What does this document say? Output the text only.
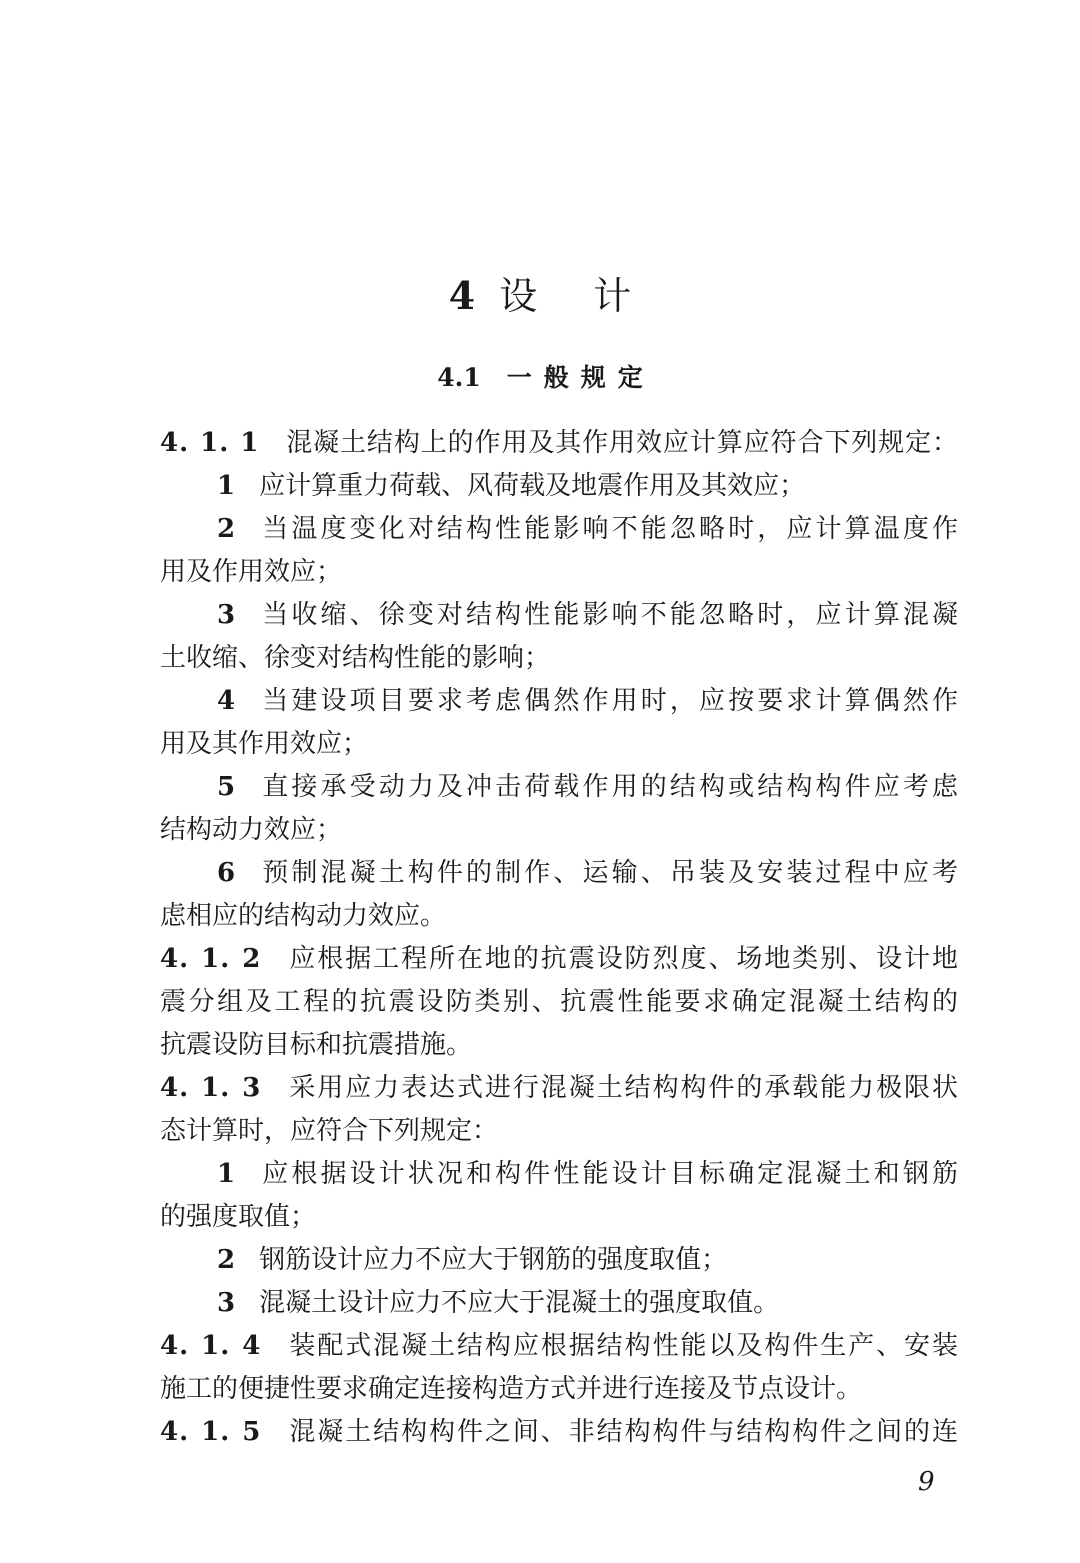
4 设计
4.1 一般规定
4. 1. 1 混凝土结构上的作用及其作用效应计算应符合下列规定：
1 应计算重力荷载、风荷载及地震作用及其效应；
2 当温度变化对结构性能影响不能忽略时，应计算温度作
用及作用效应；
3 当收缩、徐变对结构性能影响不能忽略时，应计算混凝
土收缩、徐变对结构性能的影响；
4 当建设项目要求考虑偶然作用时，应按要求计算偶然作
用及其作用效应；
5 直接承受动力及冲击荷载作用的结构或结构构件应考虑
结构动力效应；
6 预制混凝土构件的制作、运输、吊装及安装过程中应考
虑相应的结构动力效应。
4. 1. 2 应根据工程所在地的抗震设防烈度、场地类别、设计地
震分组及工程的抗震设防类别、抗震性能要求确定混凝土结构的
抗震设防目标和抗震措施。
4. 1. 3 采用应力表达式进行混凝土结构构件的承载能力极限状
态计算时，应符合下列规定：
1 应根据设计状况和构件性能设计目标确定混凝土和钢筋
的强度取值；
2 钢筋设计应力不应大于钢筋的强度取值；
3 混凝土设计应力不应大于混凝土的强度取值。
4. 1. 4 装配式混凝土结构应根据结构性能以及构件生产、安装
施工的便捷性要求确定连接构造方式并进行连接及节点设计。
4. 1. 5 混凝土结构构件之间、非结构构件与结构构件之间的连
9
